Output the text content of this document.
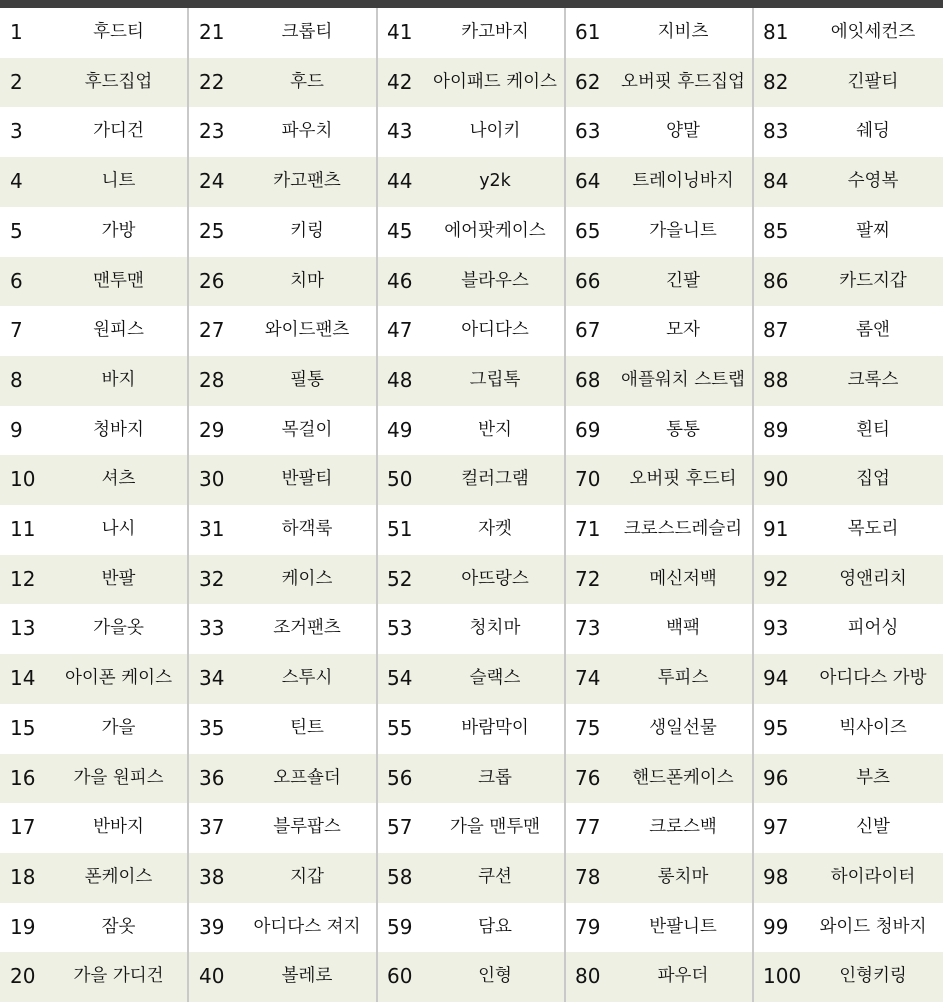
1	후드티
2	후드집업
3	가디건
4	니트
5	가방
6	맨투맨
7	원피스
8	바지
9	청바지
10	셔츠
11	나시
12	반팔
13	가을옷
14	아이폰 케이스
15	가을
16	가을 원피스
17	반바지
18	폰케이스
19	잠옷
20	가을 가디건
21	크롭티
22	후드
23	파우치
24	카고팬츠
25	키링
26	치마
27	와이드팬츠
28	필통
29	목걸이
30	반팔티
31	하객룩
32	케이스
33	조거팬츠
34	스투시
35	틴트
36	오프숄더
37	블루팝스
38	지갑
39	아디다스 져지
40	볼레로
41	카고바지
42	아이패드 케이스
43	나이키
44	y2k
45	에어팟케이스
46	블라우스
47	아디다스
48	그립톡
49	반지
50	컬러그램
51	자켓
52	아뜨랑스
53	청치마
54	슬랙스
55	바람막이
56	크롭
57	가을 맨투맨
58	쿠션
59	담요
60	인형
61	지비츠
62	오버핏 후드집업
63	양말
64	트레이닝바지
65	가을니트
66	긴팔
67	모자
68	애플워치 스트랩
69	통통
70	오버핏 후드티
71	크로스드레슬리
72	메신저백
73	백팩
74	투피스
75	생일선물
76	핸드폰케이스
77	크로스백
78	롱치마
79	반팔니트
80	파우더
81	에잇세컨즈
82	긴팔티
83	쉐딩
84	수영복
85	팔찌
86	카드지갑
87	롬앤
88	크록스
89	흰티
90	집업
91	목도리
92	영앤리치
93	피어싱
94	아디다스 가방
95	빅사이즈
96	부츠
97	신발
98	하이라이터
99	와이드 청바지
100	인형키링
